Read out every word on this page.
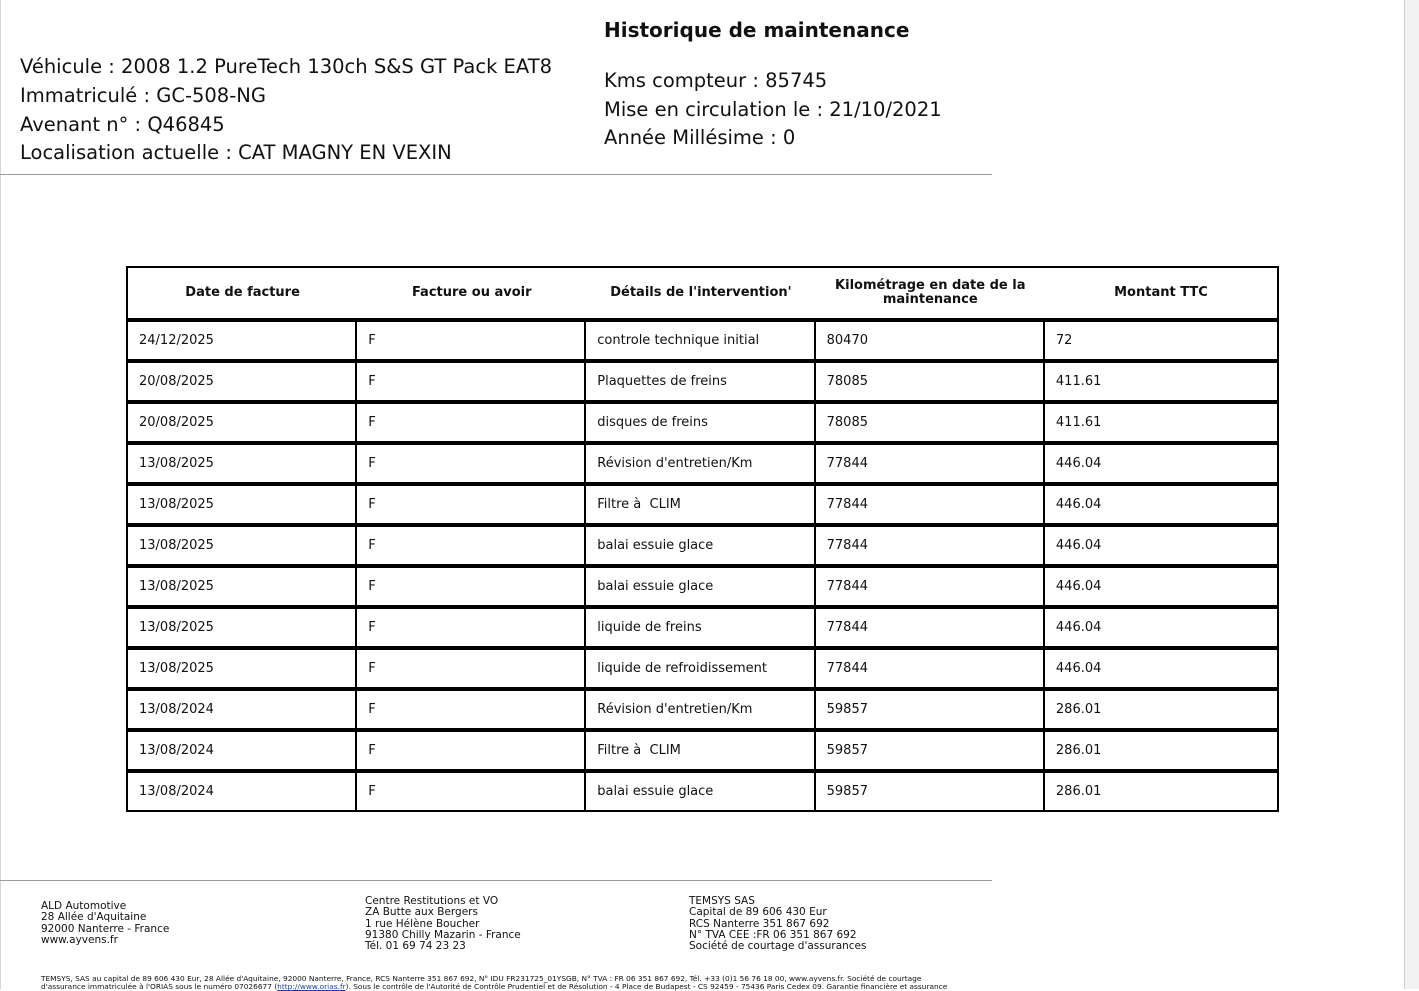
Historique de maintenance
Véhicule : 2008 1.2 PureTech 130ch S&S GT Pack EAT8
Immatriculé : GC-508-NG
Avenant n° : Q46845
Localisation actuelle : CAT MAGNY EN VEXIN
Kms compteur : 85745
Mise en circulation le : 21/10/2021
Année Millésime : 0
Date de facture	Facture ou avoir	Détails de l'intervention'	Kilométrage en date de la maintenance	Montant TTC
24/12/2025	F	controle technique initial	80470	72
20/08/2025	F	Plaquettes de freins	78085	411.61
20/08/2025	F	disques de freins	78085	411.61
13/08/2025	F	Révision d'entretien/Km	77844	446.04
13/08/2025	F	Filtre à  CLIM	77844	446.04
13/08/2025	F	balai essuie glace	77844	446.04
13/08/2025	F	balai essuie glace	77844	446.04
13/08/2025	F	liquide de freins	77844	446.04
13/08/2025	F	liquide de refroidissement	77844	446.04
13/08/2024	F	Révision d'entretien/Km	59857	286.01
13/08/2024	F	Filtre à  CLIM	59857	286.01
13/08/2024	F	balai essuie glace	59857	286.01
ALD Automotive
28 Allée d'Aquitaine
92000 Nanterre - France
www.ayvens.fr
Centre Restitutions et VO
ZA Butte aux Bergers
1 rue Hélène Boucher
91380 Chilly Mazarin - France
Tél. 01 69 74 23 23
TEMSYS SAS
Capital de 89 606 430 Eur
RCS Nanterre 351 867 692
N° TVA CEE :FR 06 351 867 692
Société de courtage d'assurances
TEMSYS, SAS au capital de 89 606 430 Eur, 28 Allée d'Aquitaine, 92000 Nanterre, France, RCS Nanterre 351 867 692, N° IDU FR231725_01YSGB, N° TVA : FR 06 351 867 692, Tél. +33 (0)1 56 76 18 00, www.ayvens.fr. Société de courtage
d'assurance immatriculée à l'ORIAS sous le numéro 07026677 (http://www.orias.fr). Sous le contrôle de l'Autorité de Contrôle Prudentiel et de Résolution - 4 Place de Budapest - CS 92459 - 75436 Paris Cedex 09. Garantie financière et assurance
